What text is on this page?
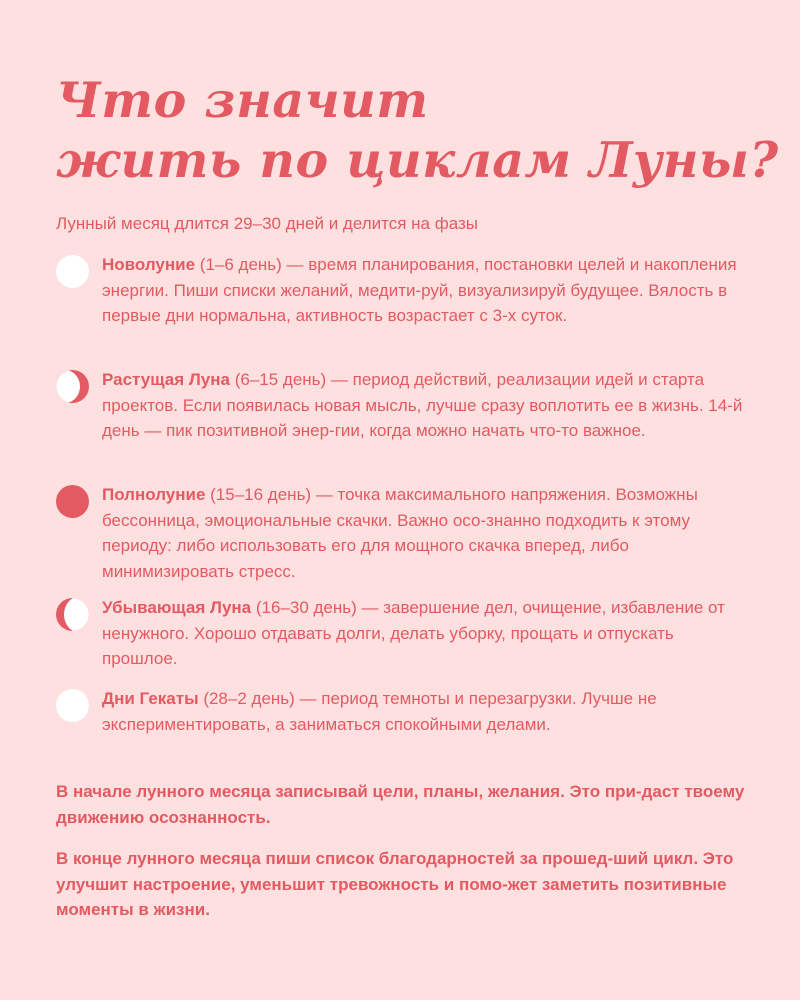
Что значит
жить по циклам Луны?

Лунный месяц длится 29–30 дней и делится на фазы

Новолуние (1–6 день) — время планирования, постановки целей и накопления энергии. Пиши списки желаний, медити-руй, визуализируй будущее. Вялость в первые дни нормальна, активность возрастает с 3-х суток.
Растущая Луна (6–15 день) — период действий, реализации идей и старта проектов. Если появилась новая мысль, лучше сразу воплотить ее в жизнь. 14-й день — пик позитивной энер-гии, когда можно начать что-то важное.
Полнолуние (15–16 день) — точка максимального напряжения. Возможны бессонница, эмоциональные скачки. Важно осо-знанно подходить к этому периоду: либо использовать его для мощного скачка вперед, либо минимизировать стресс.
Убывающая Луна (16–30 день) — завершение дел, очищение, избавление от ненужного. Хорошо отдавать долги, делать уборку, прощать и отпускать прошлое.
Дни Гекаты (28–2 день) — период темноты и перезагрузки. Лучше не экспериментировать, а заниматься спокойными делами.

В начале лунного месяца записывай цели, планы, желания. Это при-даст твоему движению осознанность.

В конце лунного месяца пиши список благодарностей за прошед-ший цикл. Это улучшит настроение, уменьшит тревожность и помо-жет заметить позитивные моменты в жизни.
